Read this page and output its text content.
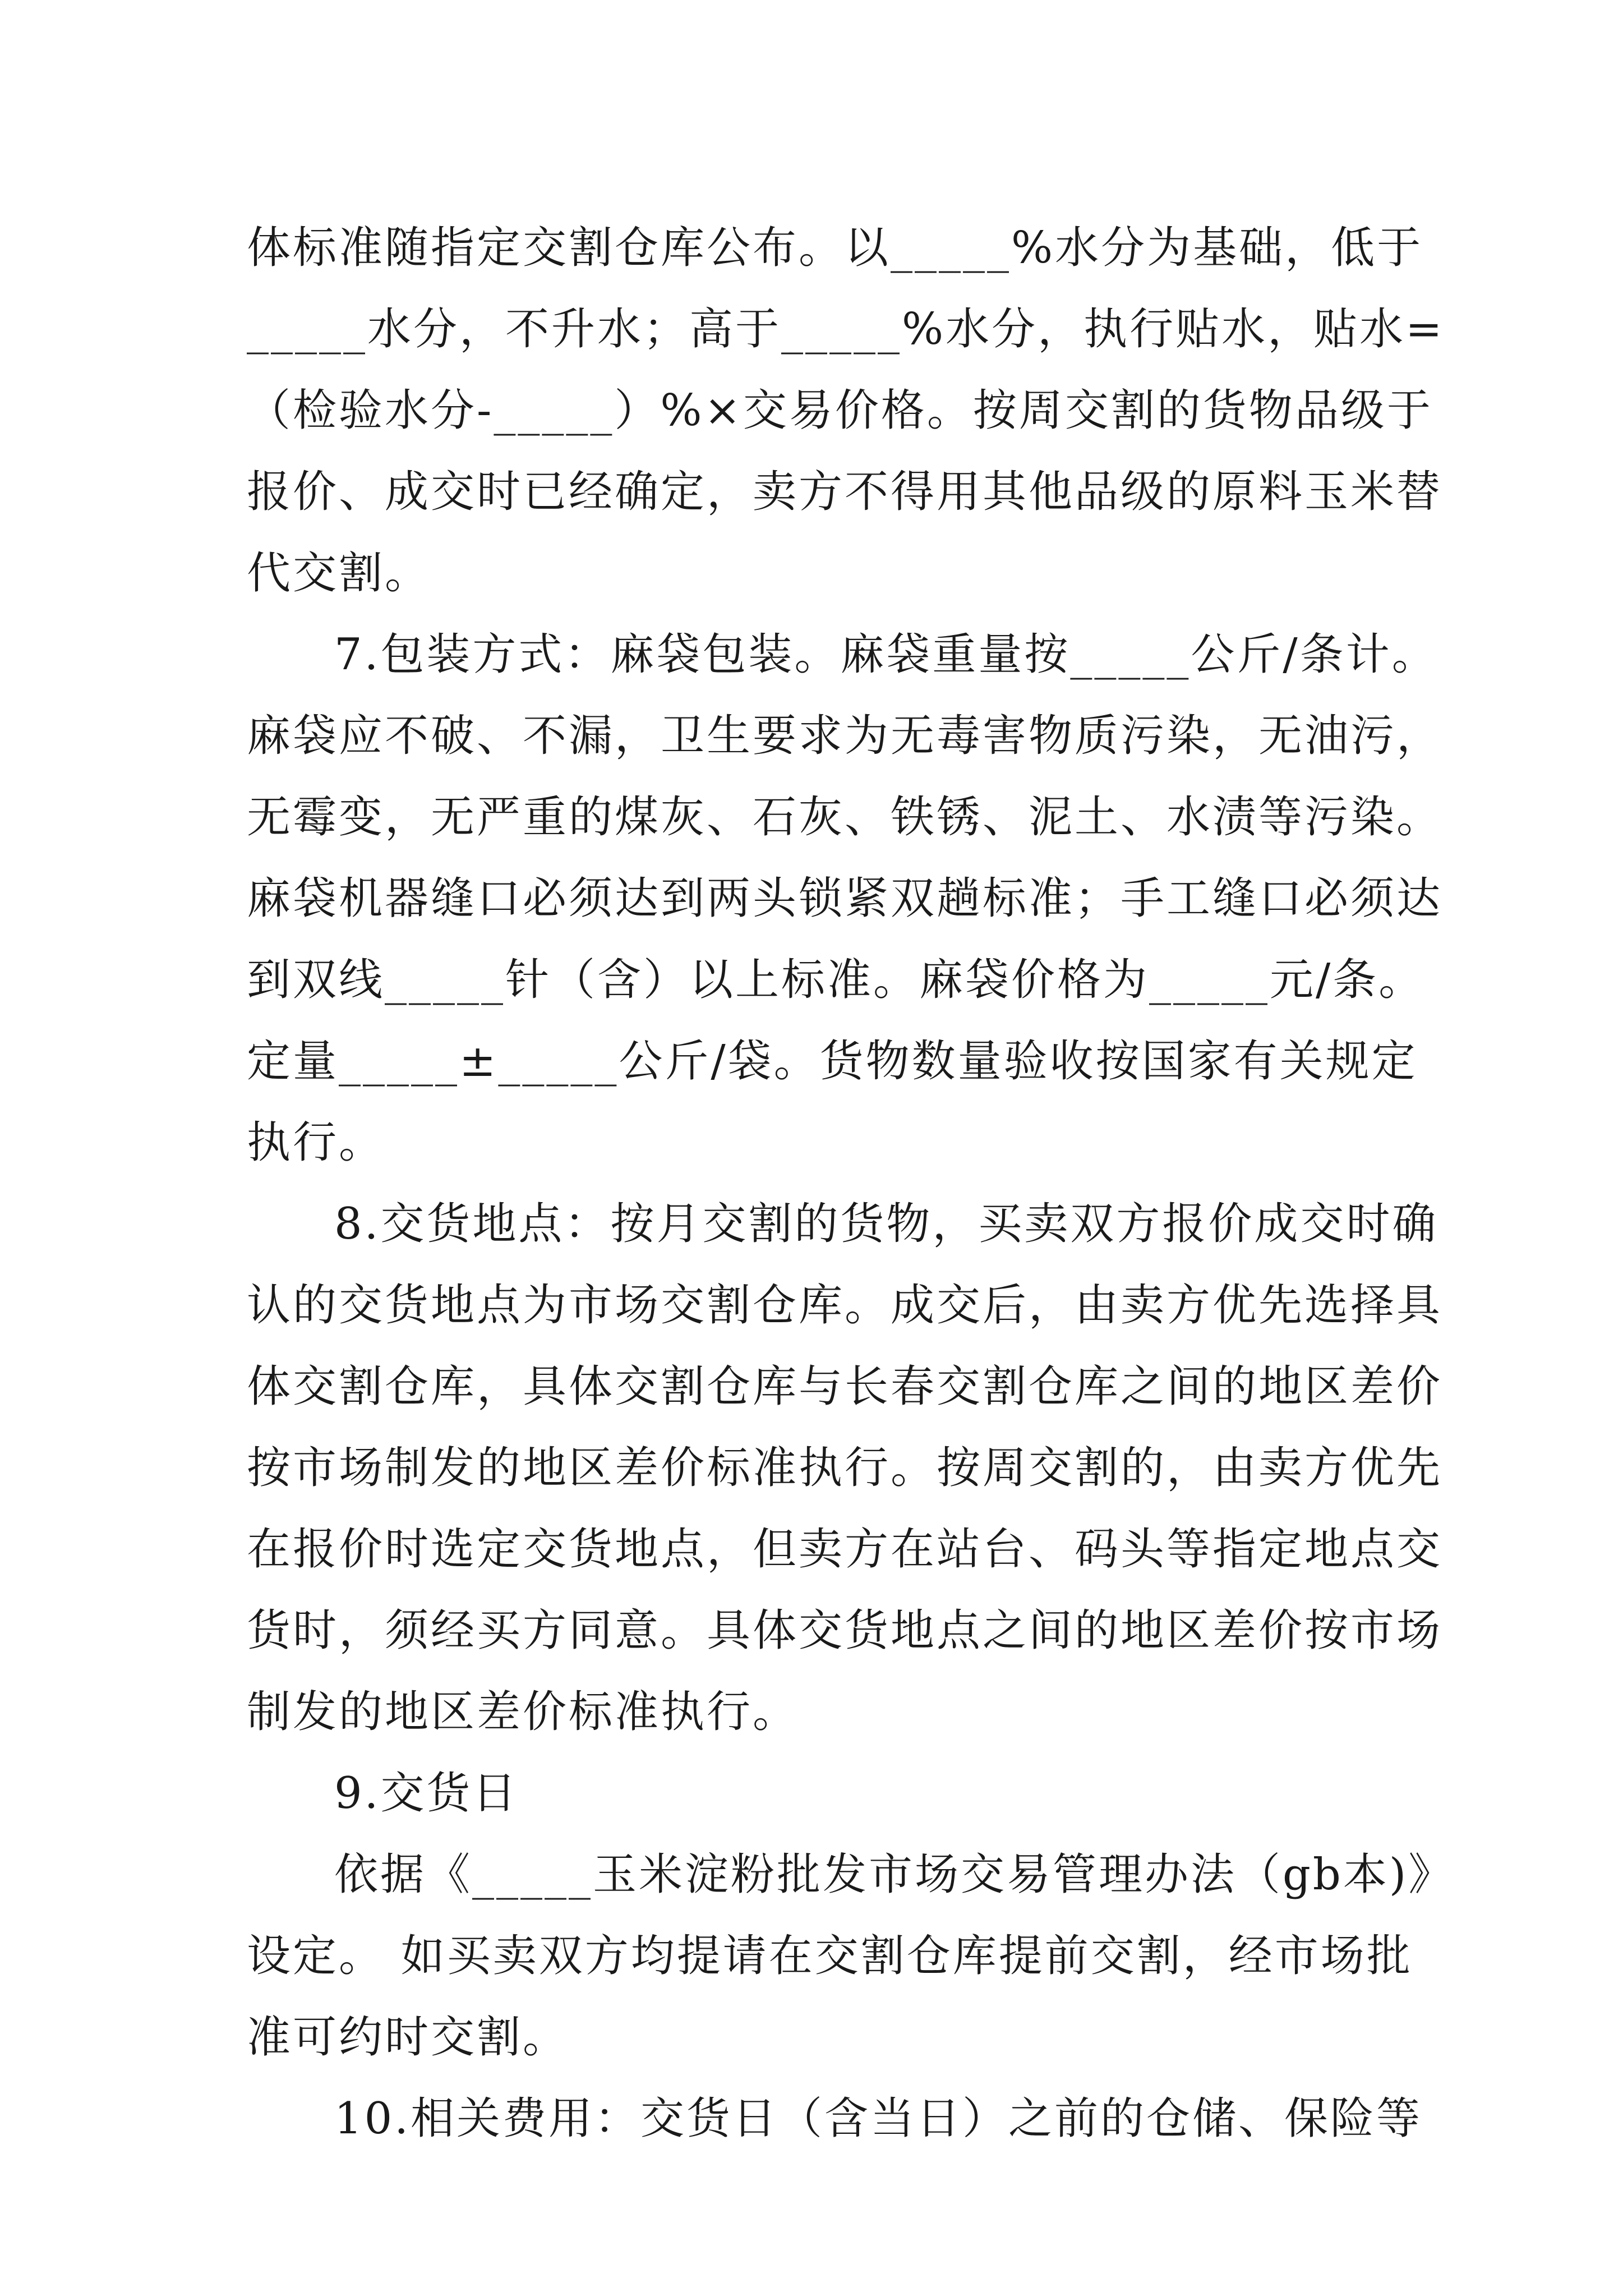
体标准随指定交割仓库公布。以_____%水分为基础，低于
_____水分，不升水；高于_____%水分，执行贴水，贴水=
（检验水分-_____）%×交易价格。按周交割的货物品级于
报价、成交时已经确定，卖方不得用其他品级的原料玉米替
代交割。
7.包装方式：麻袋包装。麻袋重量按_____公斤/条计。
麻袋应不破、不漏，卫生要求为无毒害物质污染，无油污，
无霉变，无严重的煤灰、石灰、铁锈、泥土、水渍等污染。
麻袋机器缝口必须达到两头锁紧双趟标准；手工缝口必须达
到双线_____针（含）以上标准。麻袋价格为_____元/条。
定量_____±_____公斤/袋。货物数量验收按国家有关规定
执行。
8.交货地点：按月交割的货物，买卖双方报价成交时确
认的交货地点为市场交割仓库。成交后，由卖方优先选择具
体交割仓库，具体交割仓库与长春交割仓库之间的地区差价
按市场制发的地区差价标准执行。按周交割的，由卖方优先
在报价时选定交货地点，但卖方在站台、码头等指定地点交
货时，须经买方同意。具体交货地点之间的地区差价按市场
制发的地区差价标准执行。
9.交货日
依据《_____玉米淀粉批发市场交易管理办法（gb本)》
设定。 如买卖双方均提请在交割仓库提前交割，经市场批
准可约时交割。
10.相关费用：交货日（含当日）之前的仓储、保险等
